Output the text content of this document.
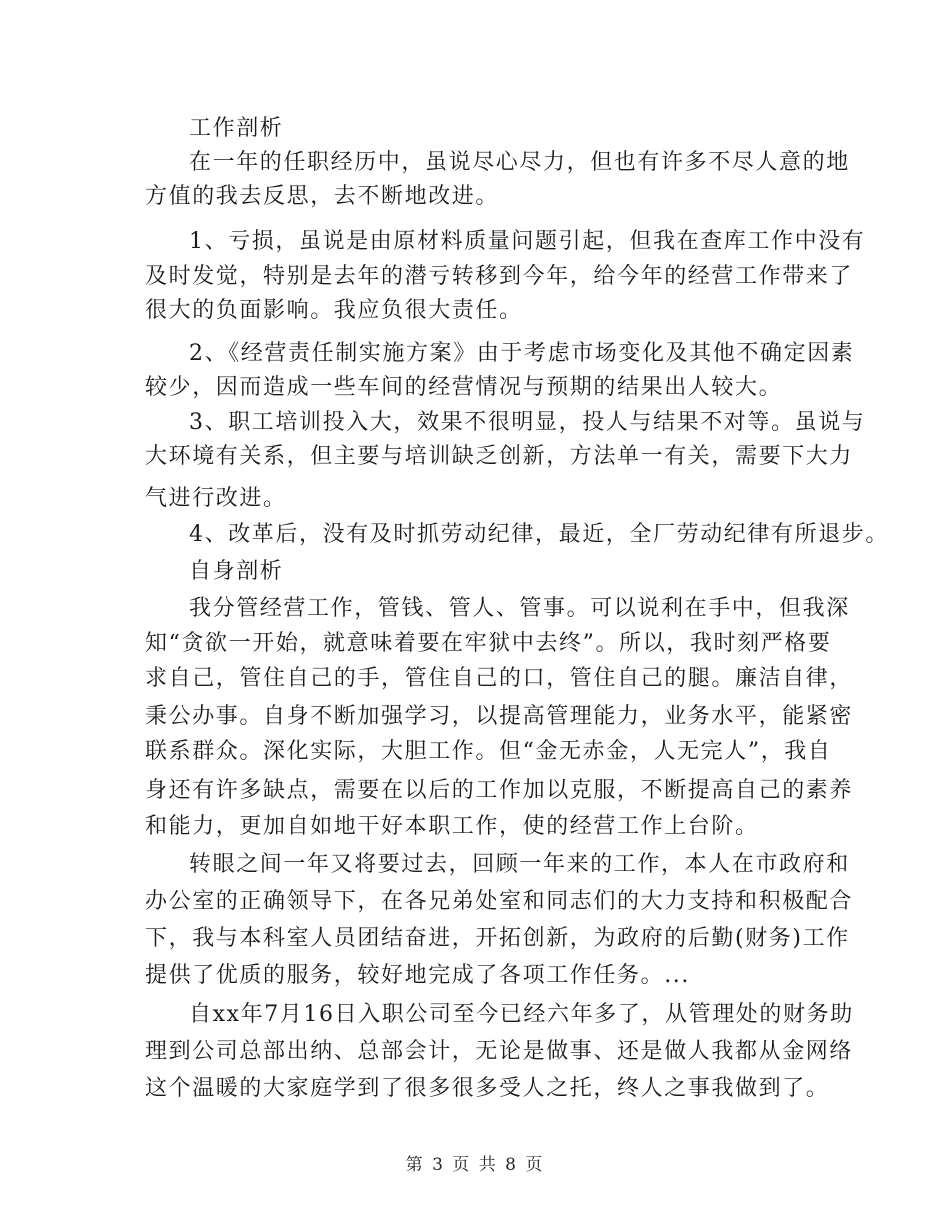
工作剖析
在一年的任职经历中，虽说尽心尽力，但也有许多不尽人意的地
方值的我去反思，去不断地改进。
1、亏损，虽说是由原材料质量问题引起，但我在查库工作中没有
及时发觉，特别是去年的潜亏转移到今年，给今年的经营工作带来了
很大的负面影响。我应负很大责任。
2、《经营责任制实施方案》由于考虑市场变化及其他不确定因素
较少，因而造成一些车间的经营情况与预期的结果出人较大。
3、职工培训投入大，效果不很明显，投人与结果不对等。虽说与
大环境有关系，但主要与培训缺乏创新，方法单一有关，需要下大力
气进行改进。
4、改革后，没有及时抓劳动纪律，最近，全厂劳动纪律有所退步。
自身剖析
我分管经营工作，管钱、管人、管事。可以说利在手中，但我深
知“贪欲一开始，就意味着要在牢狱中去终”。所以，我时刻严格要
求自己，管住自己的手，管住自己的口，管住自己的腿。廉洁自律，
秉公办事。自身不断加强学习，以提高管理能力，业务水平，能紧密
联系群众。深化实际，大胆工作。但“金无赤金，人无完人”，我自
身还有许多缺点，需要在以后的工作加以克服，不断提高自己的素养
和能力，更加自如地干好本职工作，使的经营工作上台阶。
转眼之间一年又将要过去，回顾一年来的工作，本人在市政府和
办公室的正确领导下，在各兄弟处室和同志们的大力支持和积极配合
下，我与本科室人员团结奋进，开拓创新，为政府的后勤(财务)工作
提供了优质的服务，较好地完成了各项工作任务。...
自xx年7月16日入职公司至今已经六年多了，从管理处的财务助
理到公司总部出纳、总部会计，无论是做事、还是做人我都从金网络
这个温暖的大家庭学到了很多很多受人之托，终人之事我做到了。
第 3 页 共 8 页
